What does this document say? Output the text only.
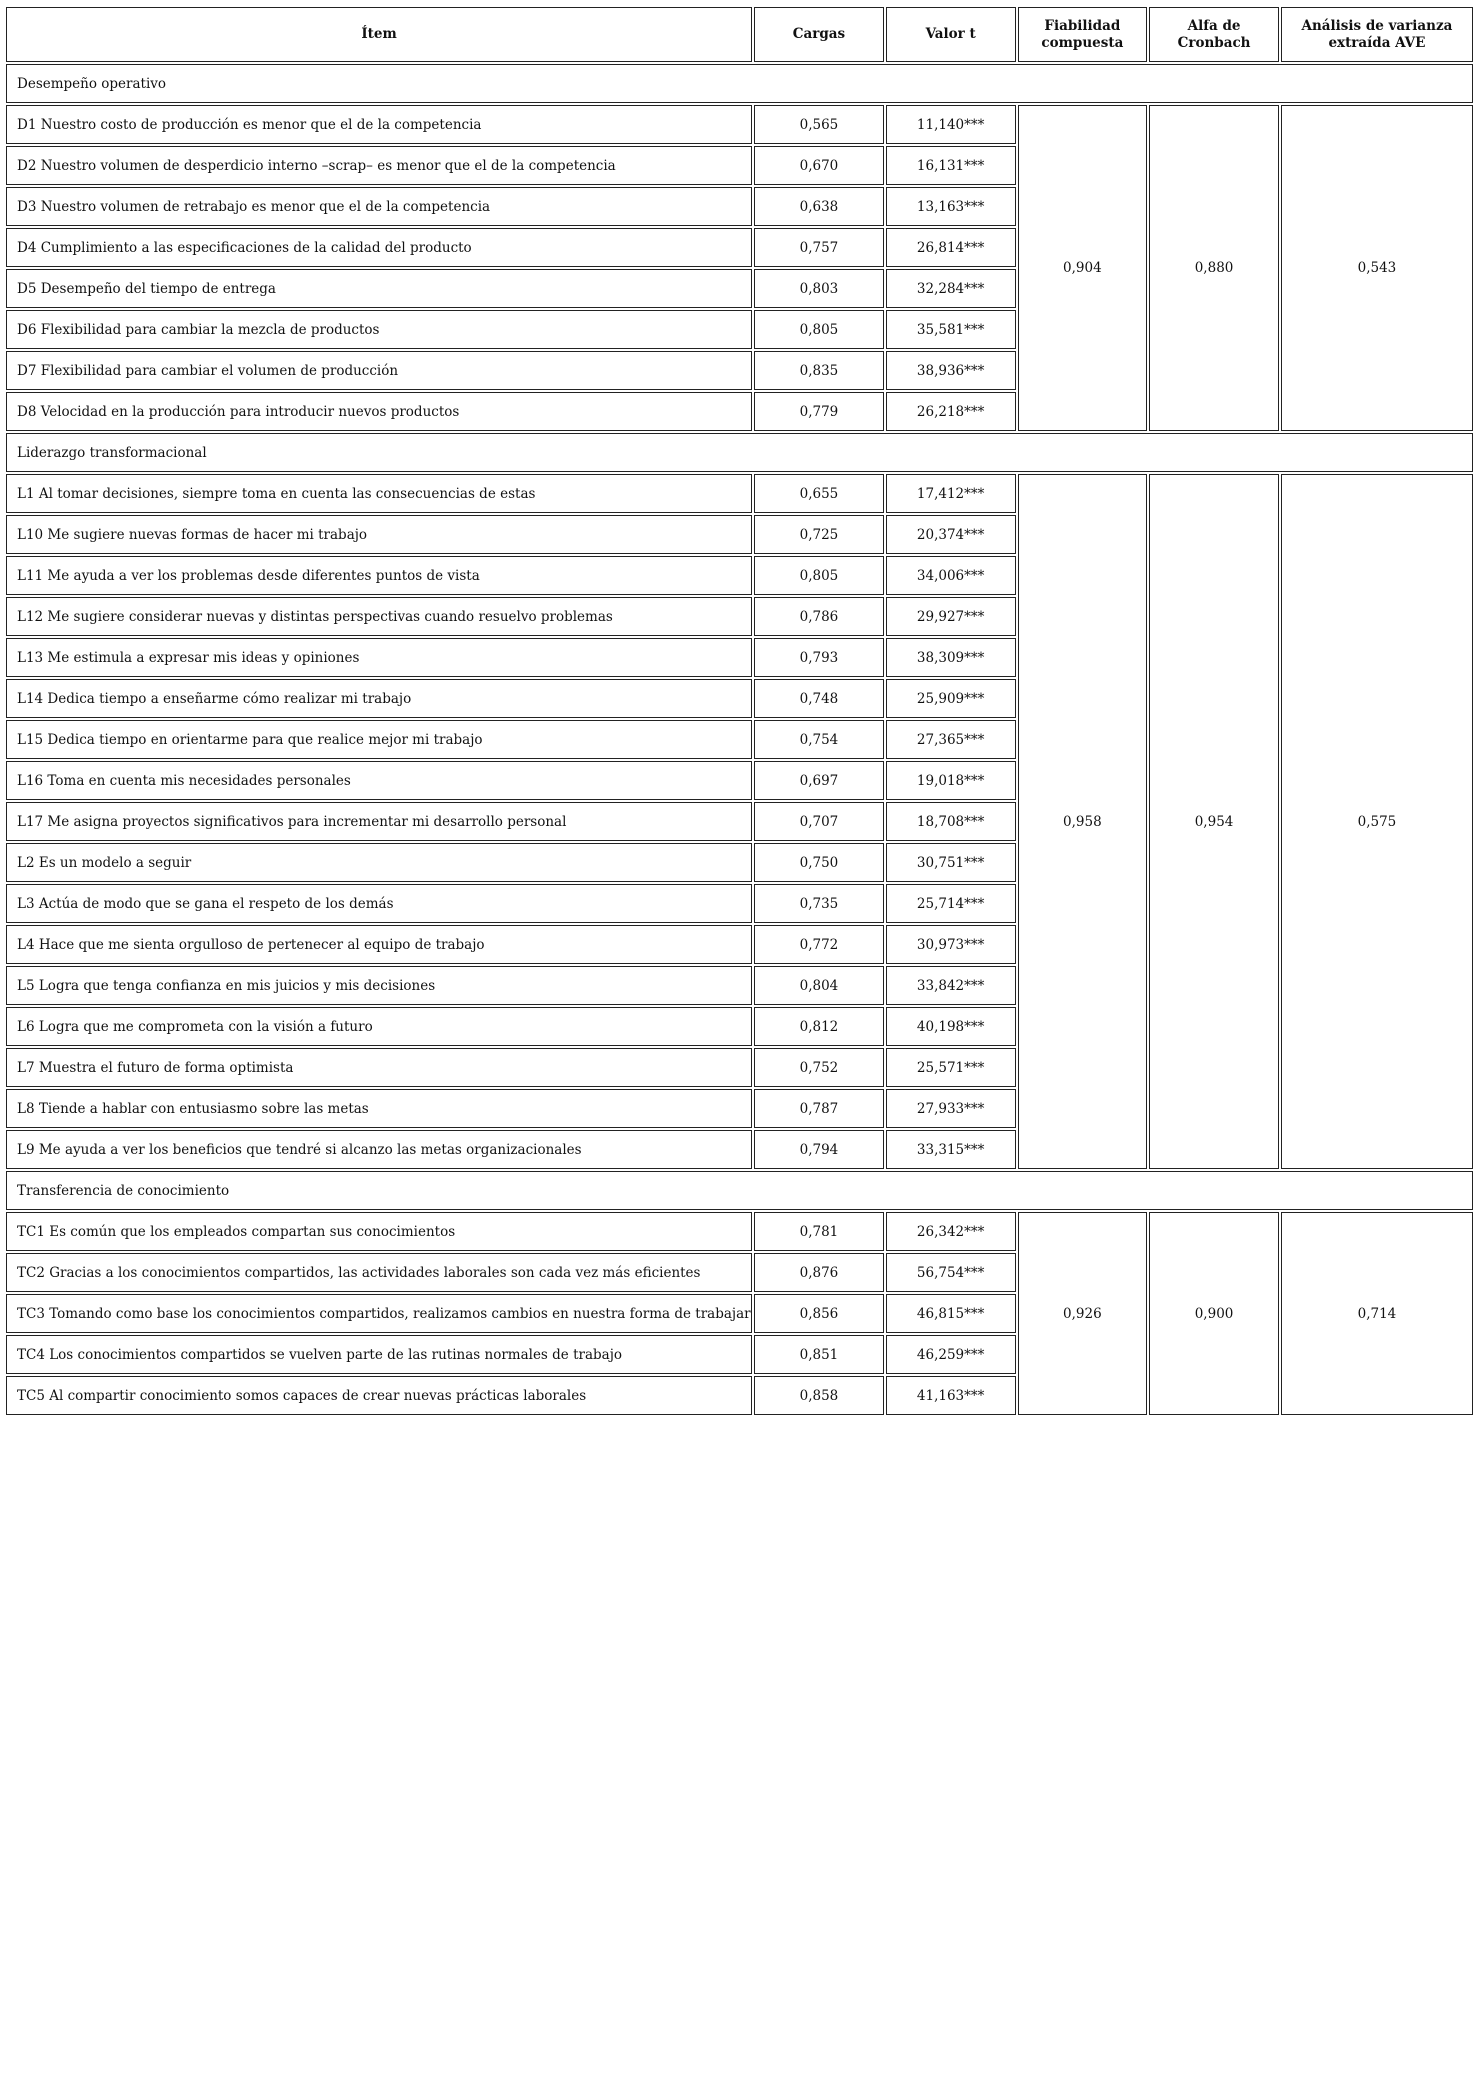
Ítem	Cargas	Valor t	Fiabilidad compuesta	Alfa de Cronbach	Análisis de varianza extraída AVE
Desempeño operativo					
D1 Nuestro costo de producción es menor que el de la competencia	0,565	11,140***	0,904	0,880	0,543
D2 Nuestro volumen de desperdicio interno –scrap– es menor que el de la competencia	0,670	16,131***			
D3 Nuestro volumen de retrabajo es menor que el de la competencia	0,638	13,163***			
D4 Cumplimiento a las especificaciones de la calidad del producto	0,757	26,814***			
D5 Desempeño del tiempo de entrega	0,803	32,284***			
D6 Flexibilidad para cambiar la mezcla de productos	0,805	35,581***			
D7 Flexibilidad para cambiar el volumen de producción	0,835	38,936***			
D8 Velocidad en la producción para introducir nuevos productos	0,779	26,218***			
Liderazgo transformacional					
L1 Al tomar decisiones, siempre toma en cuenta las consecuencias de estas	0,655	17,412***	0,958	0,954	0,575
L10 Me sugiere nuevas formas de hacer mi trabajo	0,725	20,374***			
L11 Me ayuda a ver los problemas desde diferentes puntos de vista	0,805	34,006***			
L12 Me sugiere considerar nuevas y distintas perspectivas cuando resuelvo problemas	0,786	29,927***			
L13 Me estimula a expresar mis ideas y opiniones	0,793	38,309***			
L14 Dedica tiempo a enseñarme cómo realizar mi trabajo	0,748	25,909***			
L15 Dedica tiempo en orientarme para que realice mejor mi trabajo	0,754	27,365***			
L16 Toma en cuenta mis necesidades personales	0,697	19,018***			
L17 Me asigna proyectos significativos para incrementar mi desarrollo personal	0,707	18,708***			
L2 Es un modelo a seguir	0,750	30,751***			
L3 Actúa de modo que se gana el respeto de los demás	0,735	25,714***			
L4 Hace que me sienta orgulloso de pertenecer al equipo de trabajo	0,772	30,973***			
L5 Logra que tenga confianza en mis juicios y mis decisiones	0,804	33,842***			
L6 Logra que me comprometa con la visión a futuro	0,812	40,198***			
L7 Muestra el futuro de forma optimista	0,752	25,571***			
L8 Tiende a hablar con entusiasmo sobre las metas	0,787	27,933***			
L9 Me ayuda a ver los beneficios que tendré si alcanzo las metas organizacionales	0,794	33,315***			
Transferencia de conocimiento					
TC1 Es común que los empleados compartan sus conocimientos	0,781	26,342***	0,926	0,900	0,714
TC2 Gracias a los conocimientos compartidos, las actividades laborales son cada vez más eficientes	0,876	56,754***			
TC3 Tomando como base los conocimientos compartidos, realizamos cambios en nuestra forma de trabajar	0,856	46,815***			
TC4 Los conocimientos compartidos se vuelven parte de las rutinas normales de trabajo	0,851	46,259***			
TC5 Al compartir conocimiento somos capaces de crear nuevas prácticas laborales	0,858	41,163***			
